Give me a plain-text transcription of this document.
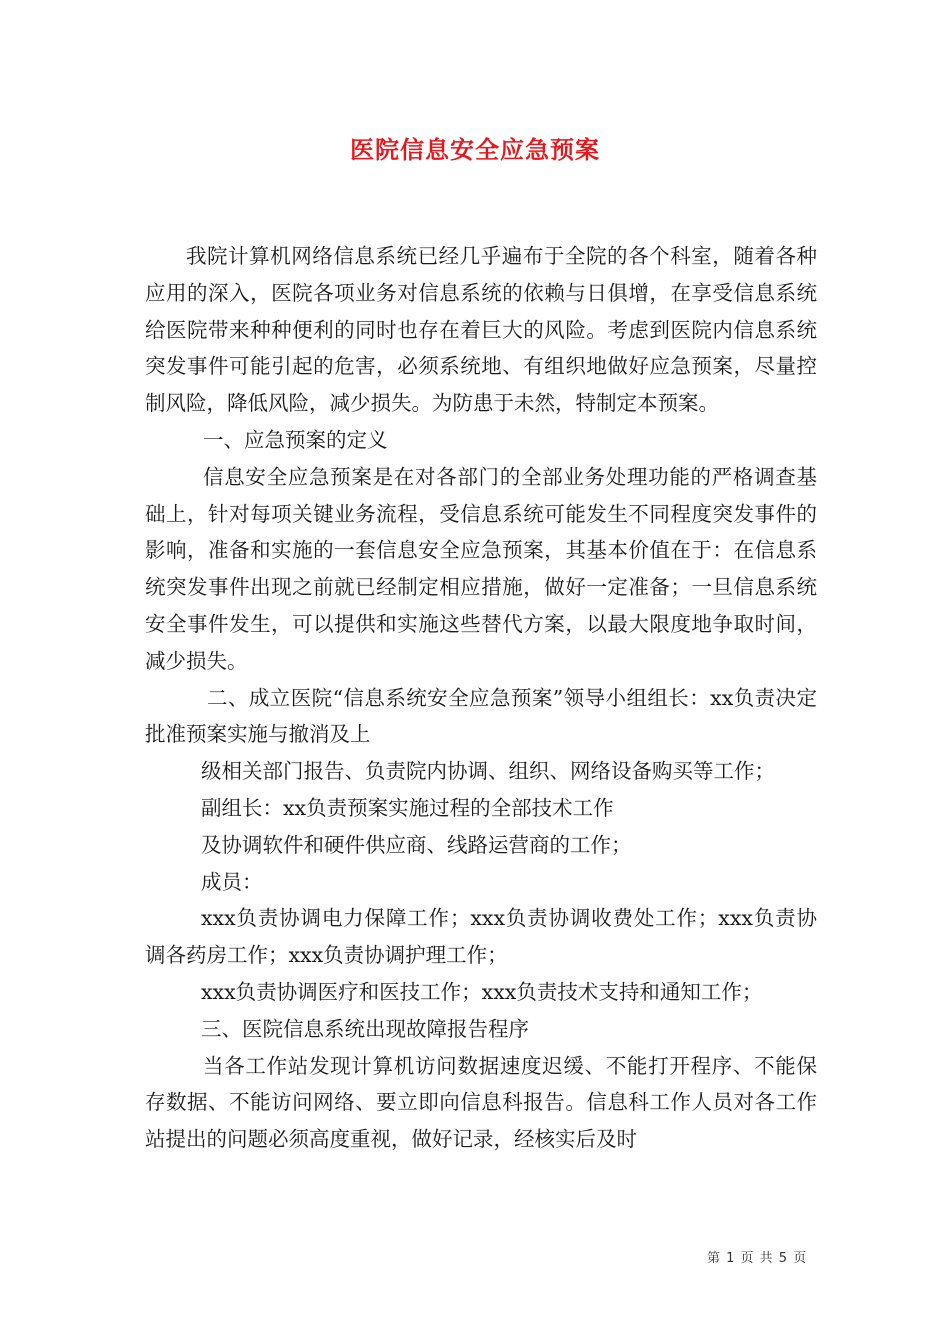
医院信息安全应急预案

我院计算机网络信息系统已经几乎遍布于全院的各个科室，随着各种应用的深入，医院各项业务对信息系统的依赖与日俱增，在享受信息系统给医院带来种种便利的同时也存在着巨大的风险。考虑到医院内信息系统突发事件可能引起的危害，必须系统地、有组织地做好应急预案，尽量控制风险，降低风险，减少损失。为防患于未然，特制定本预案。

一、应急预案的定义

信息安全应急预案是在对各部门的全部业务处理功能的严格调查基础上，针对每项关键业务流程，受信息系统可能发生不同程度突发事件的影响，准备和实施的一套信息安全应急预案，其基本价值在于：在信息系统突发事件出现之前就已经制定相应措施，做好一定准备；一旦信息系统安全事件发生，可以提供和实施这些替代方案，以最大限度地争取时间，减少损失。

二、成立医院“信息系统安全应急预案”领导小组组长：xx负责决定批准预案实施与撤消及上

级相关部门报告、负责院内协调、组织、网络设备购买等工作；

副组长：xx负责预案实施过程的全部技术工作

及协调软件和硬件供应商、线路运营商的工作；

成员：

xxx负责协调电力保障工作；xxx负责协调收费处工作；xxx负责协调各药房工作；xxx负责协调护理工作；

xxx负责协调医疗和医技工作；xxx负责技术支持和通知工作；

三、医院信息系统出现故障报告程序

当各工作站发现计算机访问数据速度迟缓、不能打开程序、不能保存数据、不能访问网络、要立即向信息科报告。信息科工作人员对各工作站提出的问题必须高度重视，做好记录，经核实后及时

第 1 页 共 5 页
